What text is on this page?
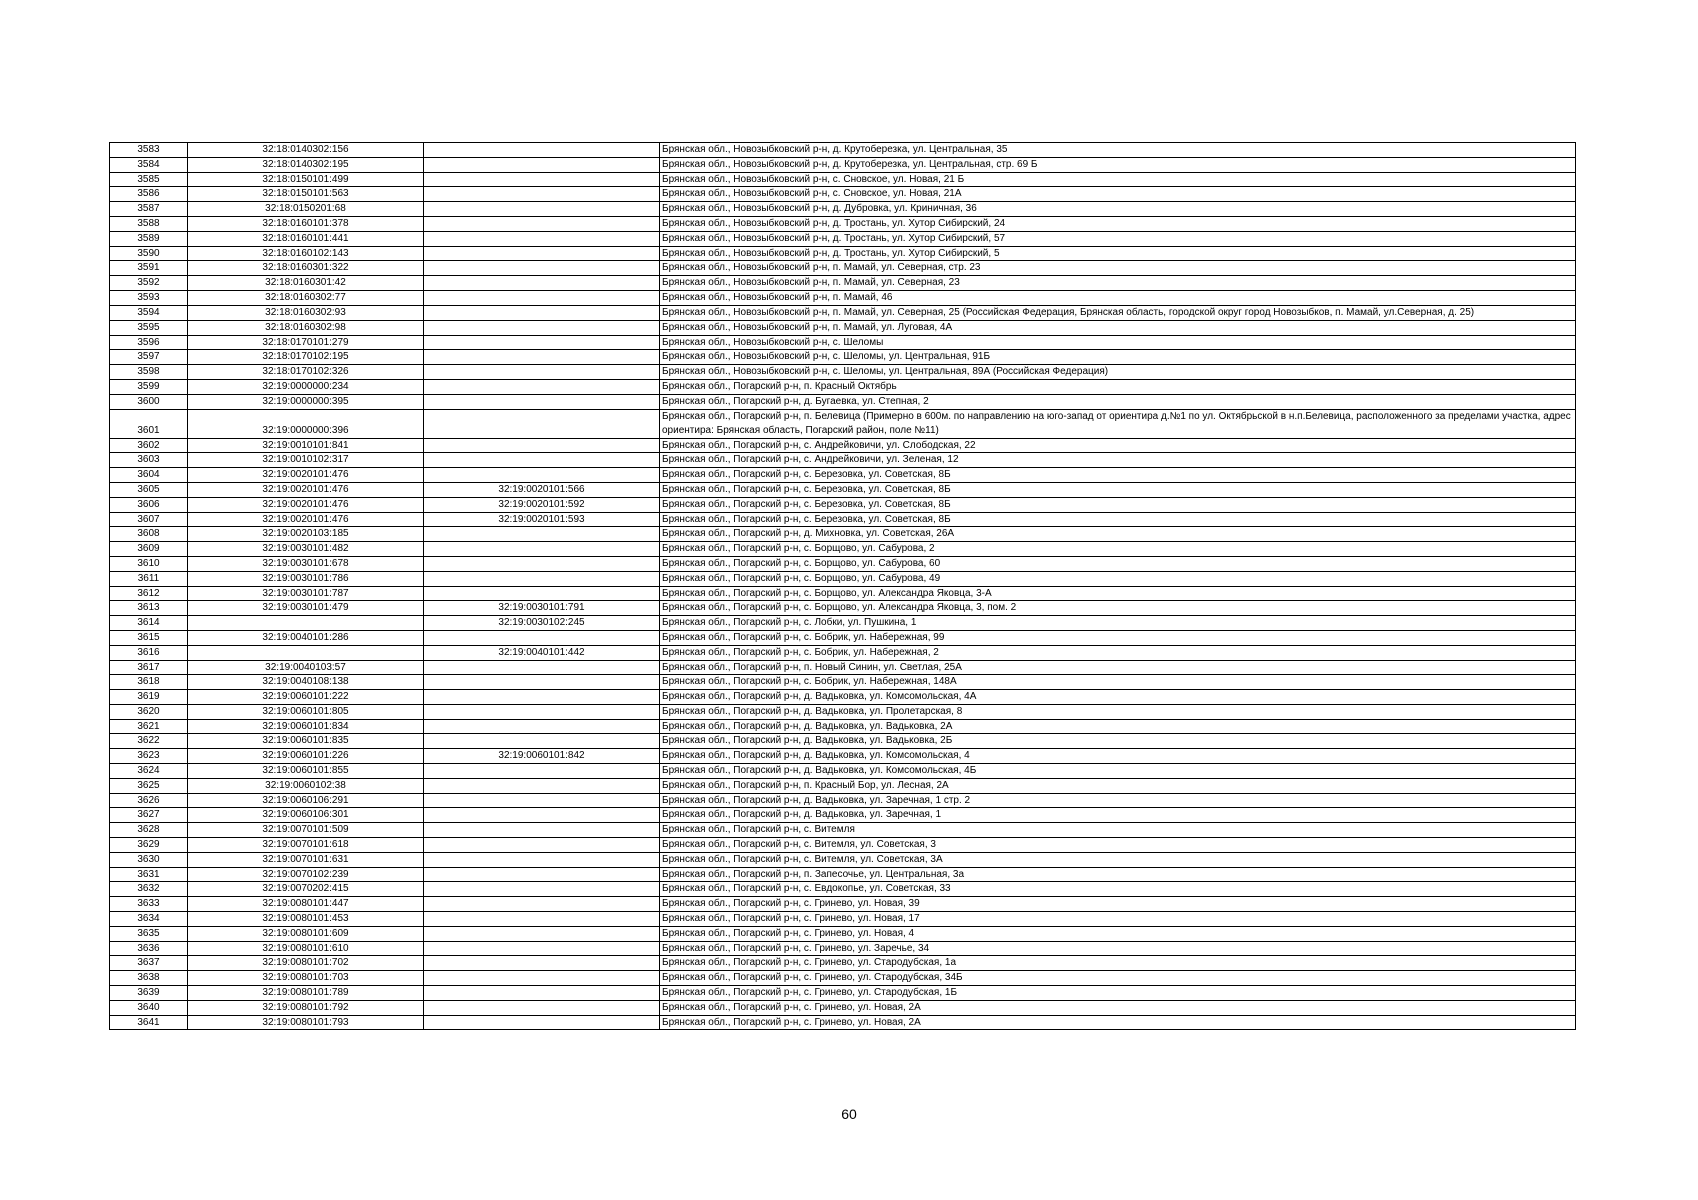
3583	32:18:0140302:156		Брянская обл., Новозыбковский р-н, д. Крутоберезка, ул. Центральная, 35
3584	32:18:0140302:195		Брянская обл., Новозыбковский р-н, д. Крутоберезка, ул. Центральная, стр. 69 Б
3585	32:18:0150101:499		Брянская обл., Новозыбковский р-н, с. Сновское, ул. Новая, 21 Б
3586	32:18:0150101:563		Брянская обл., Новозыбковский р-н, с. Сновское, ул. Новая, 21А
3587	32:18:0150201:68		Брянская обл., Новозыбковский р-н, д. Дубровка, ул. Криничная, 36
3588	32:18:0160101:378		Брянская обл., Новозыбковский р-н, д. Тростань, ул. Хутор Сибирский, 24
3589	32:18:0160101:441		Брянская обл., Новозыбковский р-н, д. Тростань, ул. Хутор Сибирский, 57
3590	32:18:0160102:143		Брянская обл., Новозыбковский р-н, д. Тростань, ул. Хутор Сибирский, 5
3591	32:18:0160301:322		Брянская обл., Новозыбковский р-н, п. Мамай, ул. Северная, стр. 23
3592	32:18:0160301:42		Брянская обл., Новозыбковский р-н, п. Мамай, ул. Северная, 23
3593	32:18:0160302:77		Брянская обл., Новозыбковский р-н, п. Мамай, 46
3594	32:18:0160302:93		Брянская обл., Новозыбковский р-н, п. Мамай, ул. Северная, 25 (Российская Федерация, Брянская область, городской округ город Новозыбков, п. Мамай, ул.Северная, д. 25)
3595	32:18:0160302:98		Брянская обл., Новозыбковский р-н, п. Мамай, ул. Луговая, 4А
3596	32:18:0170101:279		Брянская обл., Новозыбковский р-н, с. Шеломы
3597	32:18:0170102:195		Брянская обл., Новозыбковский р-н, с. Шеломы, ул. Центральная, 91Б
3598	32:18:0170102:326		Брянская обл., Новозыбковский р-н, с. Шеломы, ул. Центральная, 89А (Российская Федерация)
3599	32:19:0000000:234		Брянская обл., Погарский р-н, п. Красный Октябрь
3600	32:19:0000000:395		Брянская обл., Погарский р-н, д. Бугаевка, ул. Степная, 2
3601	32:19:0000000:396		Брянская обл., Погарский р-н, п. Белевица (Примерно в 600м. по направлению на юго-запад от ориентира д.№1 по ул. Октябрьской в н.п.Белевица, расположенного за пределами участка, адрес ориентира: Брянская область, Погарский район, поле №11)
3602	32:19:0010101:841		Брянская обл., Погарский р-н, с. Андрейковичи, ул. Слободская, 22
3603	32:19:0010102:317		Брянская обл., Погарский р-н, с. Андрейковичи, ул. Зеленая, 12
3604	32:19:0020101:476		Брянская обл., Погарский р-н, с. Березовка, ул. Советская, 8Б
3605	32:19:0020101:476	32:19:0020101:566	Брянская обл., Погарский р-н, с. Березовка, ул. Советская, 8Б
3606	32:19:0020101:476	32:19:0020101:592	Брянская обл., Погарский р-н, с. Березовка, ул. Советская, 8Б
3607	32:19:0020101:476	32:19:0020101:593	Брянская обл., Погарский р-н, с. Березовка, ул. Советская, 8Б
3608	32:19:0020103:185		Брянская обл., Погарский р-н, д. Михновка, ул. Советская, 26А
3609	32:19:0030101:482		Брянская обл., Погарский р-н, с. Борщово, ул. Сабурова, 2
3610	32:19:0030101:678		Брянская обл., Погарский р-н, с. Борщово, ул. Сабурова, 60
3611	32:19:0030101:786		Брянская обл., Погарский р-н, с. Борщово, ул. Сабурова, 49
3612	32:19:0030101:787		Брянская обл., Погарский р-н, с. Борщово, ул. Александра Яковца, 3-А
3613	32:19:0030101:479	32:19:0030101:791	Брянская обл., Погарский р-н, с. Борщово, ул. Александра Яковца, 3, пом. 2
3614		32:19:0030102:245	Брянская обл., Погарский р-н, с. Лобки, ул. Пушкина, 1
3615	32:19:0040101:286		Брянская обл., Погарский р-н, с. Бобрик, ул. Набережная, 99
3616		32:19:0040101:442	Брянская обл., Погарский р-н, с. Бобрик, ул. Набережная, 2
3617	32:19:0040103:57		Брянская обл., Погарский р-н, п. Новый Синин, ул. Светлая, 25А
3618	32:19:0040108:138		Брянская обл., Погарский р-н, с. Бобрик, ул. Набережная, 148А
3619	32:19:0060101:222		Брянская обл., Погарский р-н, д. Вадьковка, ул. Комсомольская, 4А
3620	32:19:0060101:805		Брянская обл., Погарский р-н, д. Вадьковка, ул. Пролетарская, 8
3621	32:19:0060101:834		Брянская обл., Погарский р-н, д. Вадьковка, ул. Вадьковка, 2А
3622	32:19:0060101:835		Брянская обл., Погарский р-н, д. Вадьковка, ул. Вадьковка, 2Б
3623	32:19:0060101:226	32:19:0060101:842	Брянская обл., Погарский р-н, д. Вадьковка, ул. Комсомольская, 4
3624	32:19:0060101:855		Брянская обл., Погарский р-н, д. Вадьковка, ул. Комсомольская, 4Б
3625	32:19:0060102:38		Брянская обл., Погарский р-н, п. Красный Бор, ул. Лесная, 2А
3626	32:19:0060106:291		Брянская обл., Погарский р-н, д. Вадьковка, ул. Заречная, 1 стр. 2
3627	32:19:0060106:301		Брянская обл., Погарский р-н, д. Вадьковка, ул. Заречная, 1
3628	32:19:0070101:509		Брянская обл., Погарский р-н, с. Витемля
3629	32:19:0070101:618		Брянская обл., Погарский р-н, с. Витемля, ул. Советская, 3
3630	32:19:0070101:631		Брянская обл., Погарский р-н, с. Витемля, ул. Советская, 3А
3631	32:19:0070102:239		Брянская обл., Погарский р-н, п. Запесочье, ул. Центральная, 3а
3632	32:19:0070202:415		Брянская обл., Погарский р-н, с. Евдокопье, ул. Советская, 33
3633	32:19:0080101:447		Брянская обл., Погарский р-н, с. Гринево, ул. Новая, 39
3634	32:19:0080101:453		Брянская обл., Погарский р-н, с. Гринево, ул. Новая, 17
3635	32:19:0080101:609		Брянская обл., Погарский р-н, с. Гринево, ул. Новая, 4
3636	32:19:0080101:610		Брянская обл., Погарский р-н, с. Гринево, ул. Заречье, 34
3637	32:19:0080101:702		Брянская обл., Погарский р-н, с. Гринево, ул. Стародубская, 1а
3638	32:19:0080101:703		Брянская обл., Погарский р-н, с. Гринево, ул. Стародубская, 34Б
3639	32:19:0080101:789		Брянская обл., Погарский р-н, с. Гринево, ул. Стародубская, 1Б
3640	32:19:0080101:792		Брянская обл., Погарский р-н, с. Гринево, ул. Новая, 2А
3641	32:19:0080101:793		Брянская обл., Погарский р-н, с. Гринево, ул. Новая, 2А
60
